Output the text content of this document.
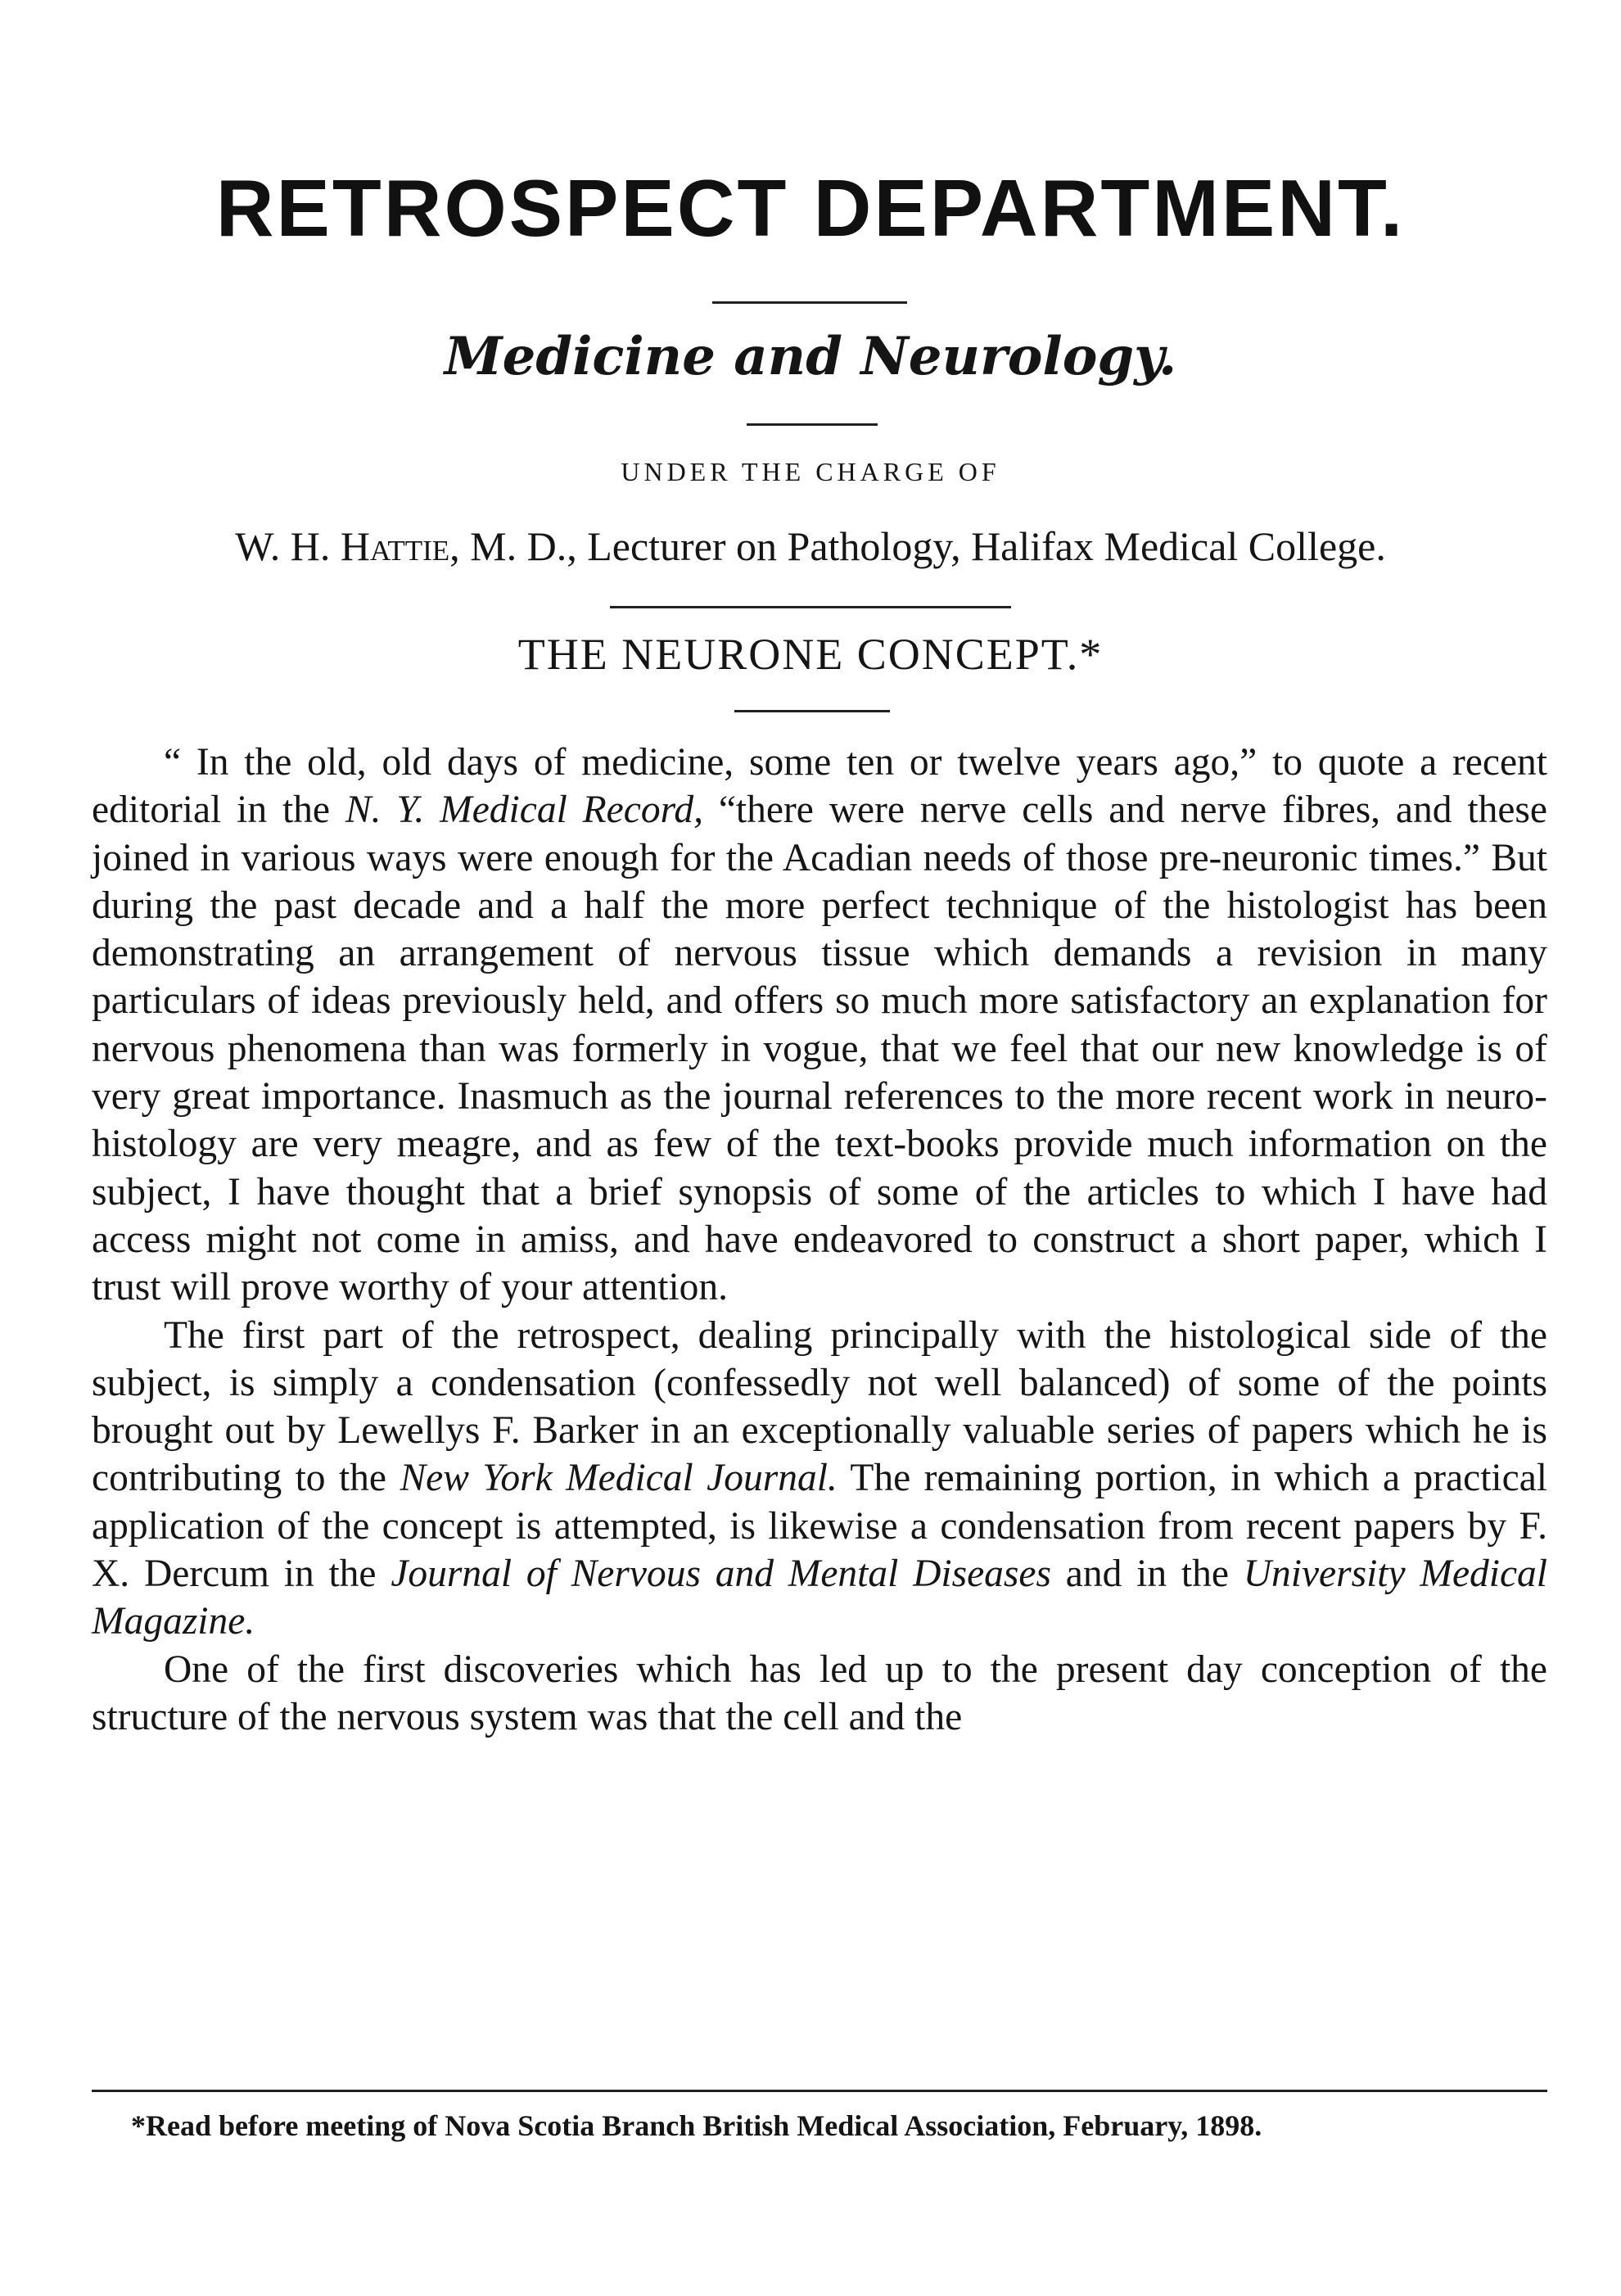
RETROSPECT DEPARTMENT.
Medicine and Neurology.
UNDER THE CHARGE OF
W. H. Hattie, M. D., Lecturer on Pathology, Halifax Medical College.
THE NEURONE CONCEPT.*

“ In the old, old days of medicine, some ten or twelve years ago,” to quote a recent editorial in the N. Y. Medical Record, “there were nerve cells and nerve fibres, and these joined in various ways were enough for the Acadian needs of those pre-neuronic times.” But during the past decade and a half the more perfect technique of the histologist has been demonstrating an arrangement of nervous tissue which demands a revision in many particulars of ideas previously held, and offers so much more satisfactory an explanation for nervous phenomena than was formerly in vogue, that we feel that our new knowledge is of very great importance. Inasmuch as the journal references to the more recent work in neuro-histology are very meagre, and as few of the text-books provide much information on the subject, I have thought that a brief synopsis of some of the articles to which I have had access might not come in amiss, and have endeavored to construct a short paper, which I trust will prove worthy of your attention.

The first part of the retrospect, dealing principally with the histological side of the subject, is simply a condensation (confessedly not well balanced) of some of the points brought out by Lewellys F. Barker in an exceptionally valuable series of papers which he is contributing to the New York Medical Journal. The remaining portion, in which a practical application of the concept is attempted, is likewise a condensation from recent papers by F. X. Dercum in the Journal of Nervous and Mental Diseases and in the University Medical Magazine.

One of the first discoveries which has led up to the present day conception of the structure of the nervous system was that the cell and the

*Read before meeting of Nova Scotia Branch British Medical Association, February, 1898.
